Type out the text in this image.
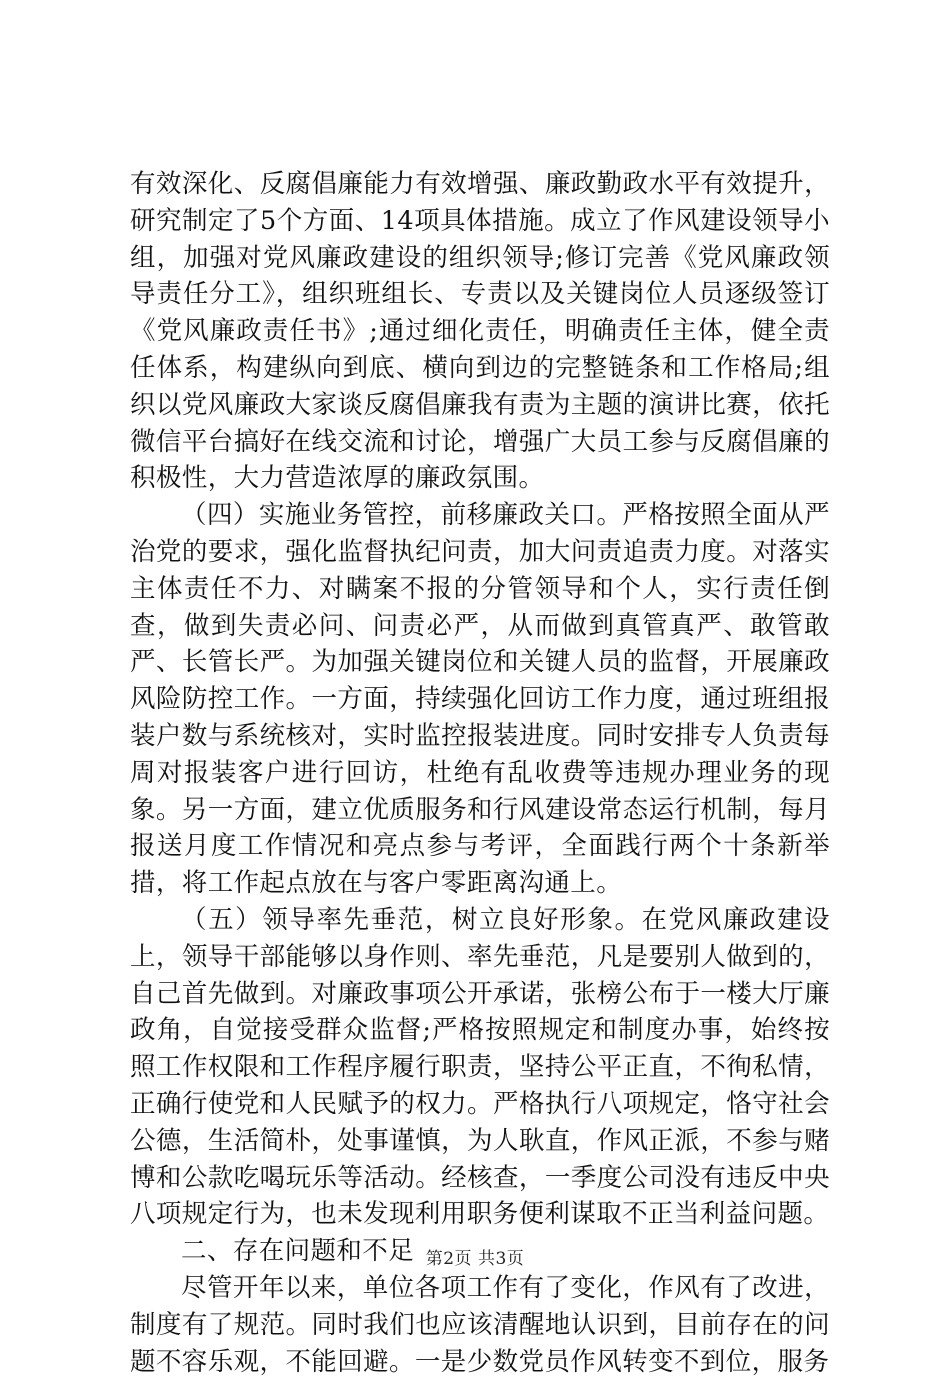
有效深化、反腐倡廉能力有效增强、廉政勤政水平有效提升，研究制定了5个方面、14项具体措施。成立了作风建设领导小组，加强对党风廉政建设的组织领导;修订完善《党风廉政领导责任分工》，组织班组长、专责以及关键岗位人员逐级签订《党风廉政责任书》;通过细化责任，明确责任主体，健全责任体系，构建纵向到底、横向到边的完整链条和工作格局;组织以党风廉政大家谈反腐倡廉我有责为主题的演讲比赛，依托微信平台搞好在线交流和讨论，增强广大员工参与反腐倡廉的积极性，大力营造浓厚的廉政氛围。

（四）实施业务管控，前移廉政关口。严格按照全面从严治党的要求，强化监督执纪问责，加大问责追责力度。对落实主体责任不力、对瞒案不报的分管领导和个人，实行责任倒查，做到失责必问、问责必严，从而做到真管真严、敢管敢严、长管长严。为加强关键岗位和关键人员的监督，开展廉政风险防控工作。一方面，持续强化回访工作力度，通过班组报装户数与系统核对，实时监控报装进度。同时安排专人负责每周对报装客户进行回访，杜绝有乱收费等违规办理业务的现象。另一方面，建立优质服务和行风建设常态运行机制，每月报送月度工作情况和亮点参与考评，全面践行两个十条新举措，将工作起点放在与客户零距离沟通上。

（五）领导率先垂范，树立良好形象。在党风廉政建设上，领导干部能够以身作则、率先垂范，凡是要别人做到的，自己首先做到。对廉政事项公开承诺，张榜公布于一楼大厅廉政角，自觉接受群众监督;严格按照规定和制度办事，始终按照工作权限和工作程序履行职责，坚持公平正直，不徇私情，正确行使党和人民赋予的权力。严格执行八项规定，恪守社会公德，生活简朴，处事谨慎，为人耿直，作风正派，不参与赌博和公款吃喝玩乐等活动。经核查，一季度公司没有违反中央八项规定行为，也未发现利用职务便利谋取不正当利益问题。

二、存在问题和不足

尽管开年以来，单位各项工作有了变化，作风有了改进，制度有了规范。同时我们也应该清醒地认识到，目前存在的问题不容乐观，不能回避。一是少数党员作风转变不到位，服务

第2页 共3页
